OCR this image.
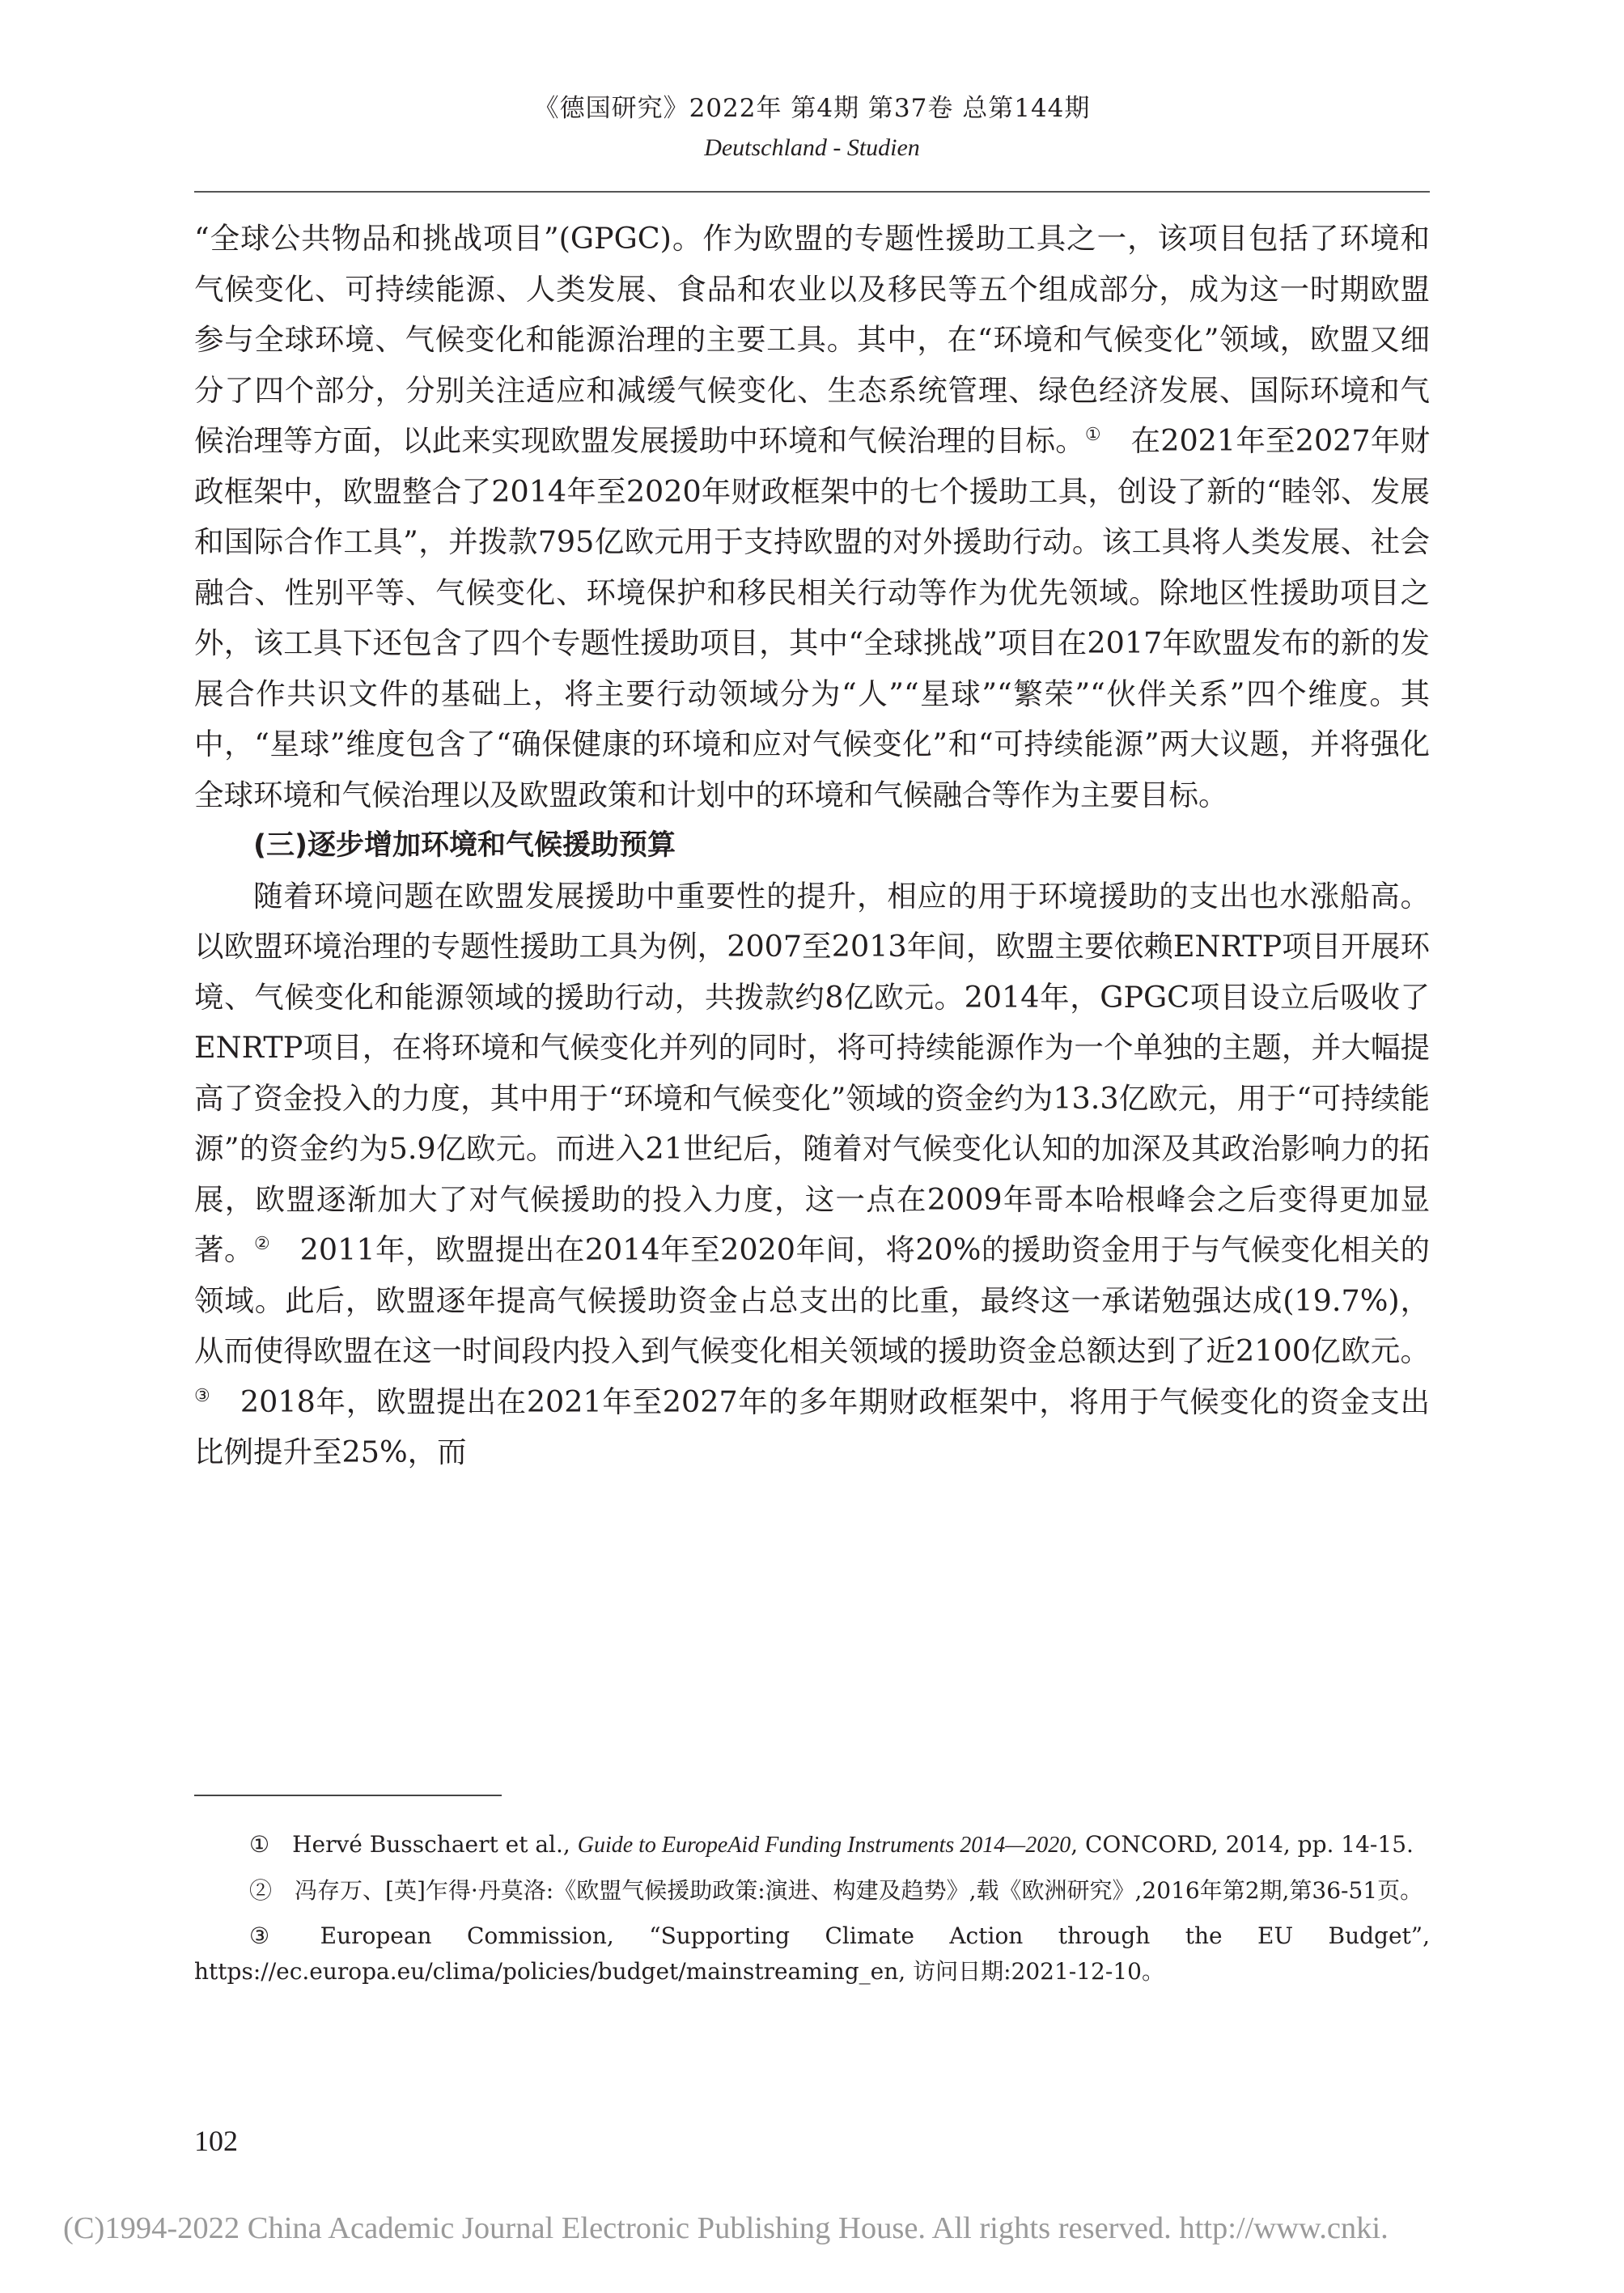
《德国研究》2022年 第4期 第37卷 总第144期
Deutschland - Studien

“全球公共物品和挑战项目”(GPGC)。作为欧盟的专题性援助工具之一，该项目包括了环境和气候变化、可持续能源、人类发展、食品和农业以及移民等五个组成部分，成为这一时期欧盟参与全球环境、气候变化和能源治理的主要工具。其中，在“环境和气候变化”领域，欧盟又细分了四个部分，分别关注适应和减缓气候变化、生态系统管理、绿色经济发展、国际环境和气候治理等方面，以此来实现欧盟发展援助中环境和气候治理的目标。①  在2021年至2027年财政框架中，欧盟整合了2014年至2020年财政框架中的七个援助工具，创设了新的“睦邻、发展和国际合作工具”，并拨款795亿欧元用于支持欧盟的对外援助行动。该工具将人类发展、社会融合、性别平等、气候变化、环境保护和移民相关行动等作为优先领域。除地区性援助项目之外，该工具下还包含了四个专题性援助项目，其中“全球挑战”项目在2017年欧盟发布的新的发展合作共识文件的基础上，将主要行动领域分为“人”“星球”“繁荣”“伙伴关系”四个维度。其中，“星球”维度包含了“确保健康的环境和应对气候变化”和“可持续能源”两大议题，并将强化全球环境和气候治理以及欧盟政策和计划中的环境和气候融合等作为主要目标。

(三)逐步增加环境和气候援助预算

随着环境问题在欧盟发展援助中重要性的提升，相应的用于环境援助的支出也水涨船高。以欧盟环境治理的专题性援助工具为例，2007至2013年间，欧盟主要依赖ENRTP项目开展环境、气候变化和能源领域的援助行动，共拨款约8亿欧元。2014年，GPGC项目设立后吸收了ENRTP项目，在将环境和气候变化并列的同时，将可持续能源作为一个单独的主题，并大幅提高了资金投入的力度，其中用于“环境和气候变化”领域的资金约为13.3亿欧元，用于“可持续能源”的资金约为5.9亿欧元。而进入21世纪后，随着对气候变化认知的加深及其政治影响力的拓展，欧盟逐渐加大了对气候援助的投入力度，这一点在2009年哥本哈根峰会之后变得更加显著。②  2011年，欧盟提出在2014年至2020年间，将20%的援助资金用于与气候变化相关的领域。此后，欧盟逐年提高气候援助资金占总支出的比重，最终这一承诺勉强达成(19.7%)，从而使得欧盟在这一时间段内投入到气候变化相关领域的援助资金总额达到了近2100亿欧元。③  2018年，欧盟提出在2021年至2027年的多年期财政框架中，将用于气候变化的资金支出比例提升至25%，而

①  Hervé Busschaert et al., Guide to EuropeAid Funding Instruments 2014—2020, CONCORD, 2014, pp. 14-15.

②  冯存万、[英]乍得·丹莫洛:《欧盟气候援助政策:演进、构建及趋势》,载《欧洲研究》,2016年第2期,第36-51页。

③  European Commission, “Supporting Climate Action through the EU Budget”, https://ec.europa.eu/clima/policies/budget/mainstreaming_en, 访问日期:2021-12-10。

102
(C)1994-2022 China Academic Journal Electronic Publishing House. All rights reserved. http://www.cnki.
